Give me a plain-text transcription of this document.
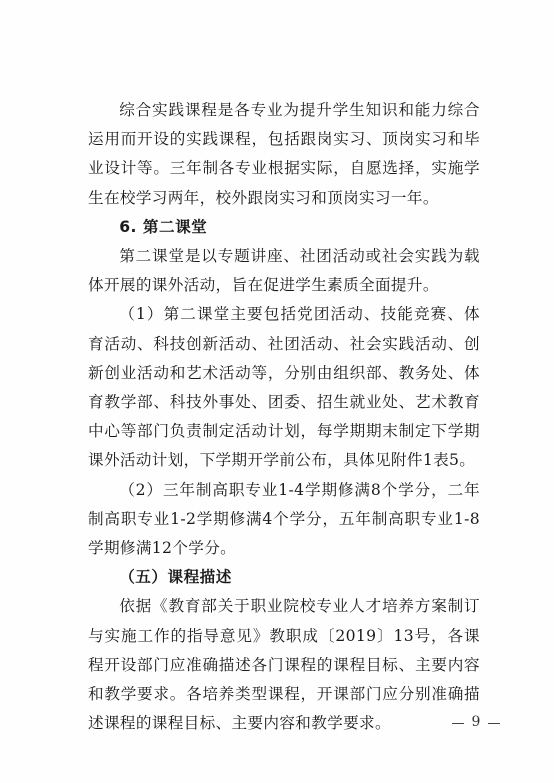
综合实践课程是各专业为提升学生知识和能力综合运用而开设的实践课程，包括跟岗实习、顶岗实习和毕业设计等。三年制各专业根据实际，自愿选择，实施学生在校学习两年，校外跟岗实习和顶岗实习一年。

6. 第二课堂

第二课堂是以专题讲座、社团活动或社会实践为载体开展的课外活动，旨在促进学生素质全面提升。

（1）第二课堂主要包括党团活动、技能竞赛、体育活动、科技创新活动、社团活动、社会实践活动、创新创业活动和艺术活动等，分别由组织部、教务处、体育教学部、科技外事处、团委、招生就业处、艺术教育中心等部门负责制定活动计划，每学期期末制定下学期课外活动计划，下学期开学前公布，具体见附件1表5。

（2）三年制高职专业1-4学期修满8个学分，二年制高职专业1-2学期修满4个学分，五年制高职专业1-8学期修满12个学分。

（五）课程描述

依据《教育部关于职业院校专业人才培养方案制订与实施工作的指导意见》教职成〔2019〕13号，各课程开设部门应准确描述各门课程的课程目标、主要内容和教学要求。各培养类型课程，开课部门应分别准确描述课程的课程目标、主要内容和教学要求。	9
